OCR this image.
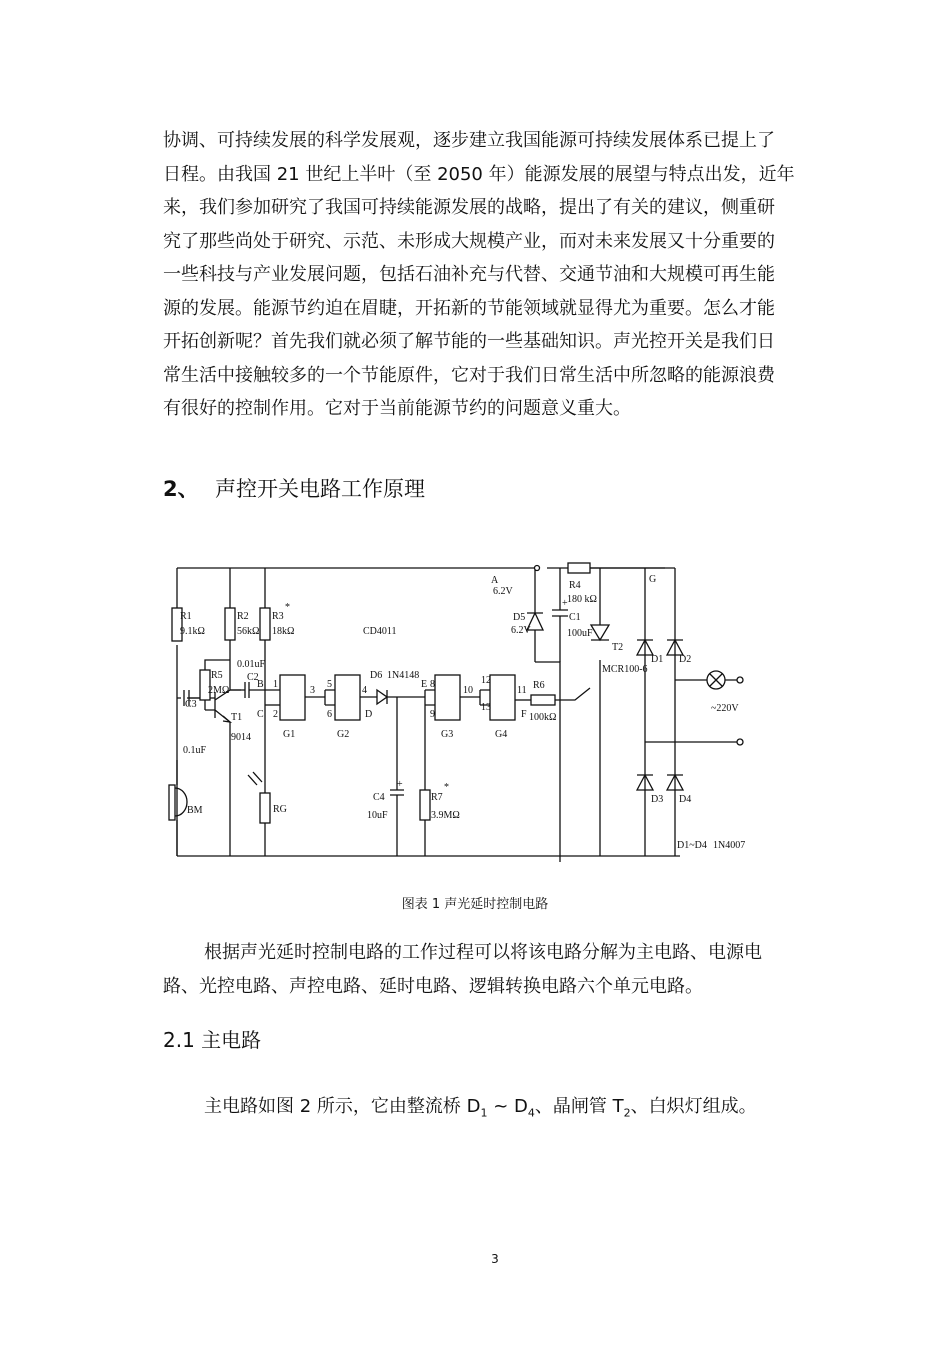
协调、可持续发展的科学发展观，逐步建立我国能源可持续发展体系已提上了
日程。由我国 21 世纪上半叶（至 2050 年）能源发展的展望与特点出发，近年
来，我们参加研究了我国可持续能源发展的战略，提出了有关的建议，侧重研
究了那些尚处于研究、示范、未形成大规模产业，而对未来发展又十分重要的
一些科技与产业发展问题，包括石油补充与代替、交通节油和大规模可再生能
源的发展。能源节约迫在眉睫，开拓新的节能领域就显得尤为重要。怎么才能
开拓创新呢？首先我们就必须了解节能的一些基础知识。声光控开关是我们日
常生活中接触较多的一个节能原件，它对于我们日常生活中所忽略的能源浪费
有很好的控制作用。它对于当前能源节约的问题意义重大。
2、 声控开关电路工作原理
R1
9.1kΩ
R2
56kΩ
R3
*
18kΩ
0.01uF
C2
R5
2MΩ
T1
9014
C3
0.1uF
BM	RG
CD4011
B
C	D
E
F
G
1
2
3
5
6
4
8
9
10
12
13
11
G1	G2	G3	G4
D6 1N4148
C4
+
10uF
R7
*
3.9MΩ
A
6.2V
D5
6.2V
+
C1
100uF
R4
180 kΩ
T2
MCR100-6
R6
100kΩ
D1 D2
D3 D4
~220V
D1~D4 1N4007
图表 1 声光延时控制电路
根据声光延时控制电路的工作过程可以将该电路分解为主电路、电源电
路、光控电路、声控电路、延时电路、逻辑转换电路六个单元电路。
2.1 主电路
主电路如图 2 所示，它由整流桥 $D_1$ ~ $D_4$、晶闸管 $T_2$、白炽灯组成。
3
